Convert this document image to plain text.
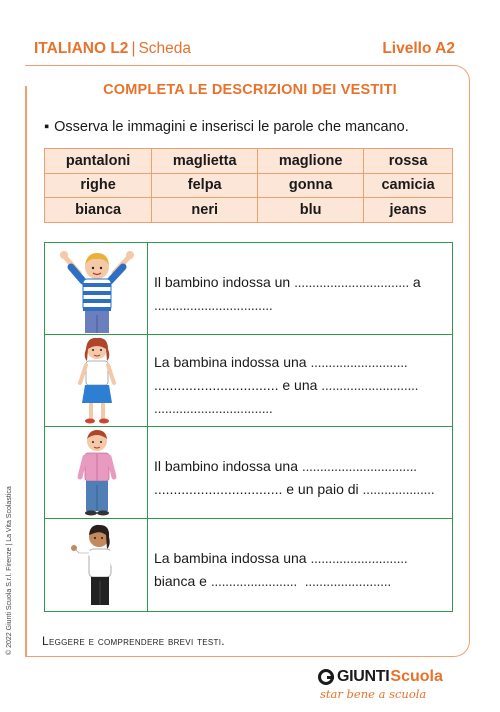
ITALIANO L2 | Scheda	Livello A2
COMPLETA LE DESCRIZIONI DEI VESTITI
▪ Osserva le immagini e inserisci le parole che mancano.
pantaloni	maglietta	maglione	rossa
righe	felpa	gonna	camicia
bianca	neri	blu	jeans
Il bambino indossa un ................................ a
.................................
La bambina indossa una ...........................
................................ e una ...........................
.................................
Il bambino indossa una ................................
................................. e un paio di ....................
La bambina indossa una ...........................
bianca e ........................ ........................
Leggere e comprendere brevi testi.
© 2022 Giunti Scuola S.r.l. Firenze | La Vita Scolastica
GIUNTI Scuola
star bene a scuola
